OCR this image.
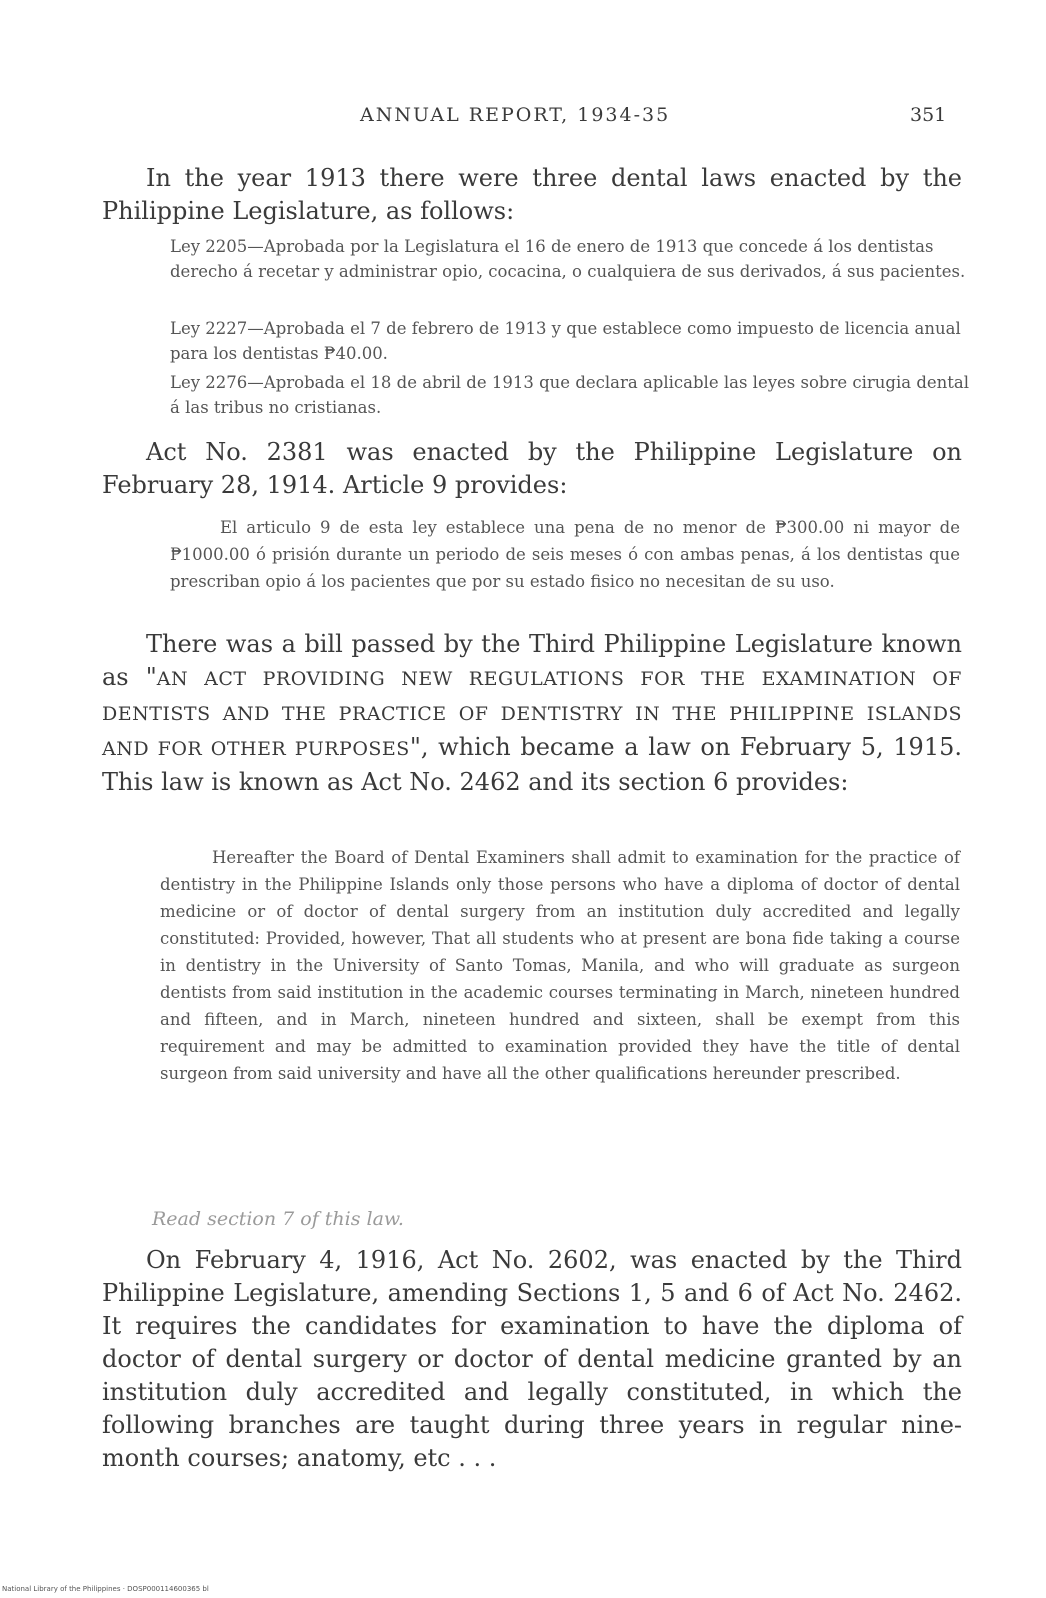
ANNUAL REPORT, 1934-35	351

In the year 1913 there were three dental laws enacted by the Philippine Legislature, as follows:

Ley 2205—Aprobada por la Legislatura el 16 de enero de 1913 que concede á los dentistas derecho á recetar y administrar opio, cocacina, o cualquiera de sus derivados, á sus pacientes.

Ley 2227—Aprobada el 7 de febrero de 1913 y que establece como impuesto de licencia anual para los dentistas ₱40.00.

Ley 2276—Aprobada el 18 de abril de 1913 que declara aplicable las leyes sobre cirugia dental á las tribus no cristianas.

Act No. 2381 was enacted by the Philippine Legislature on February 28, 1914. Article 9 provides:

El articulo 9 de esta ley establece una pena de no menor de ₱300.00 ni mayor de ₱1000.00 ó prisión durante un periodo de seis meses ó con ambas penas, á los dentistas que prescriban opio á los pacientes que por su estado fisico no necesitan de su uso.

There was a bill passed by the Third Philippine Legislature known as "AN ACT PROVIDING NEW REGULATIONS FOR THE EXAMINATION OF DENTISTS AND THE PRACTICE OF DENTISTRY IN THE PHILIPPINE ISLANDS AND FOR OTHER PURPOSES", which became a law on February 5, 1915. This law is known as Act No. 2462 and its section 6 provides:

Hereafter the Board of Dental Examiners shall admit to examination for the practice of dentistry in the Philippine Islands only those persons who have a diploma of doctor of dental medicine or of doctor of dental surgery from an institution duly accredited and legally constituted: Provided, however, That all students who at present are bona fide taking a course in dentistry in the University of Santo Tomas, Manila, and who will graduate as surgeon dentists from said institution in the academic courses terminating in March, nineteen hundred and fifteen, and in March, nineteen hundred and sixteen, shall be exempt from this requirement and may be admitted to examination provided they have the title of dental surgeon from said university and have all the other qualifications hereunder prescribed.

Read section 7 of this law.

On February 4, 1916, Act No. 2602, was enacted by the Third Philippine Legislature, amending Sections 1, 5 and 6 of Act No. 2462. It requires the candidates for examination to have the diploma of doctor of dental surgery or doctor of dental medicine granted by an institution duly accredited and legally constituted, in which the following branches are taught during three years in regular nine-month courses; anatomy, etc . . .

National Library of the Philippines · DOSP000114600365 bl
